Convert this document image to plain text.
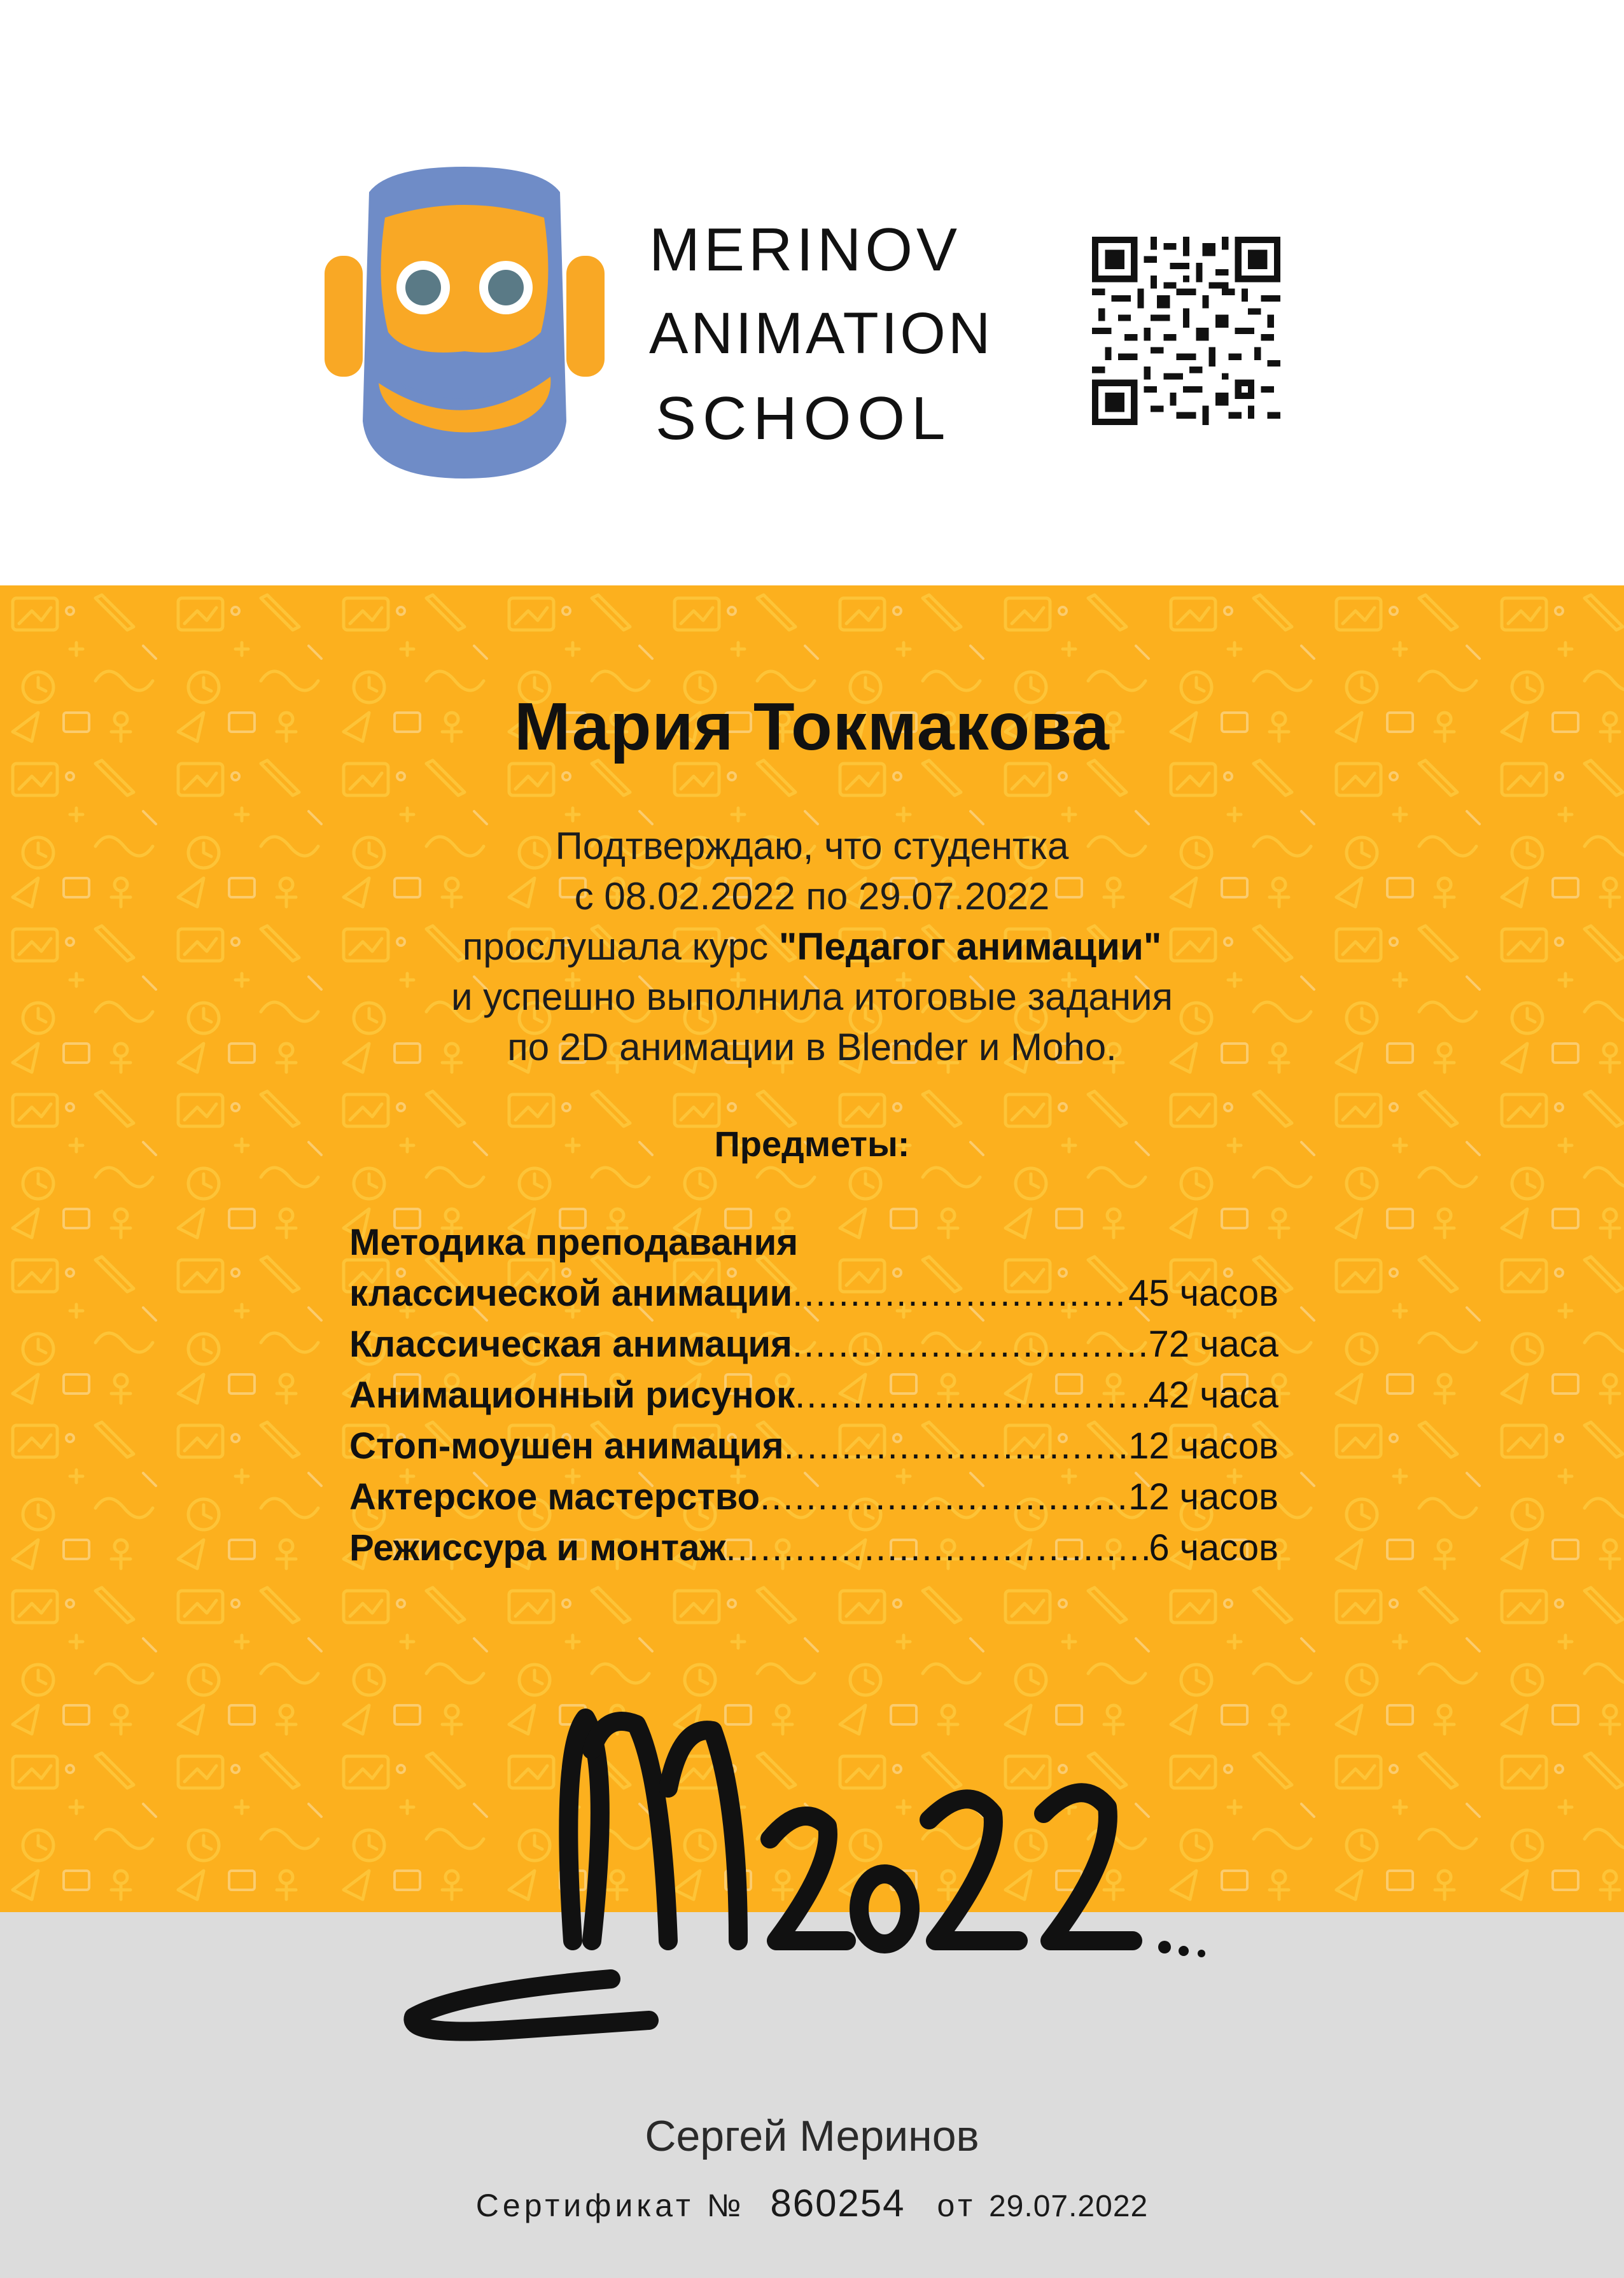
MERINOV
ANIMATION
SCHOOL
Мария Токмакова
Подтверждаю, что студентка
с 08.02.2022 по 29.07.2022
прослушала курс "Педагог анимации"
и успешно выполнила итоговые задания
по 2D анимации в Blender и Moho.
Предметы:
Методика преподавания
классической анимации .....	45 часов
Классическая анимация .....	72 часа
Анимационный рисунок .....	42 часа
Стоп-моушен анимация .....	12 часов
Актерское мастерство .....	12 часов
Режиссура и монтаж .....	6 часов
Сергей Меринов
Сертификат № 860254 от 29.07.2022
